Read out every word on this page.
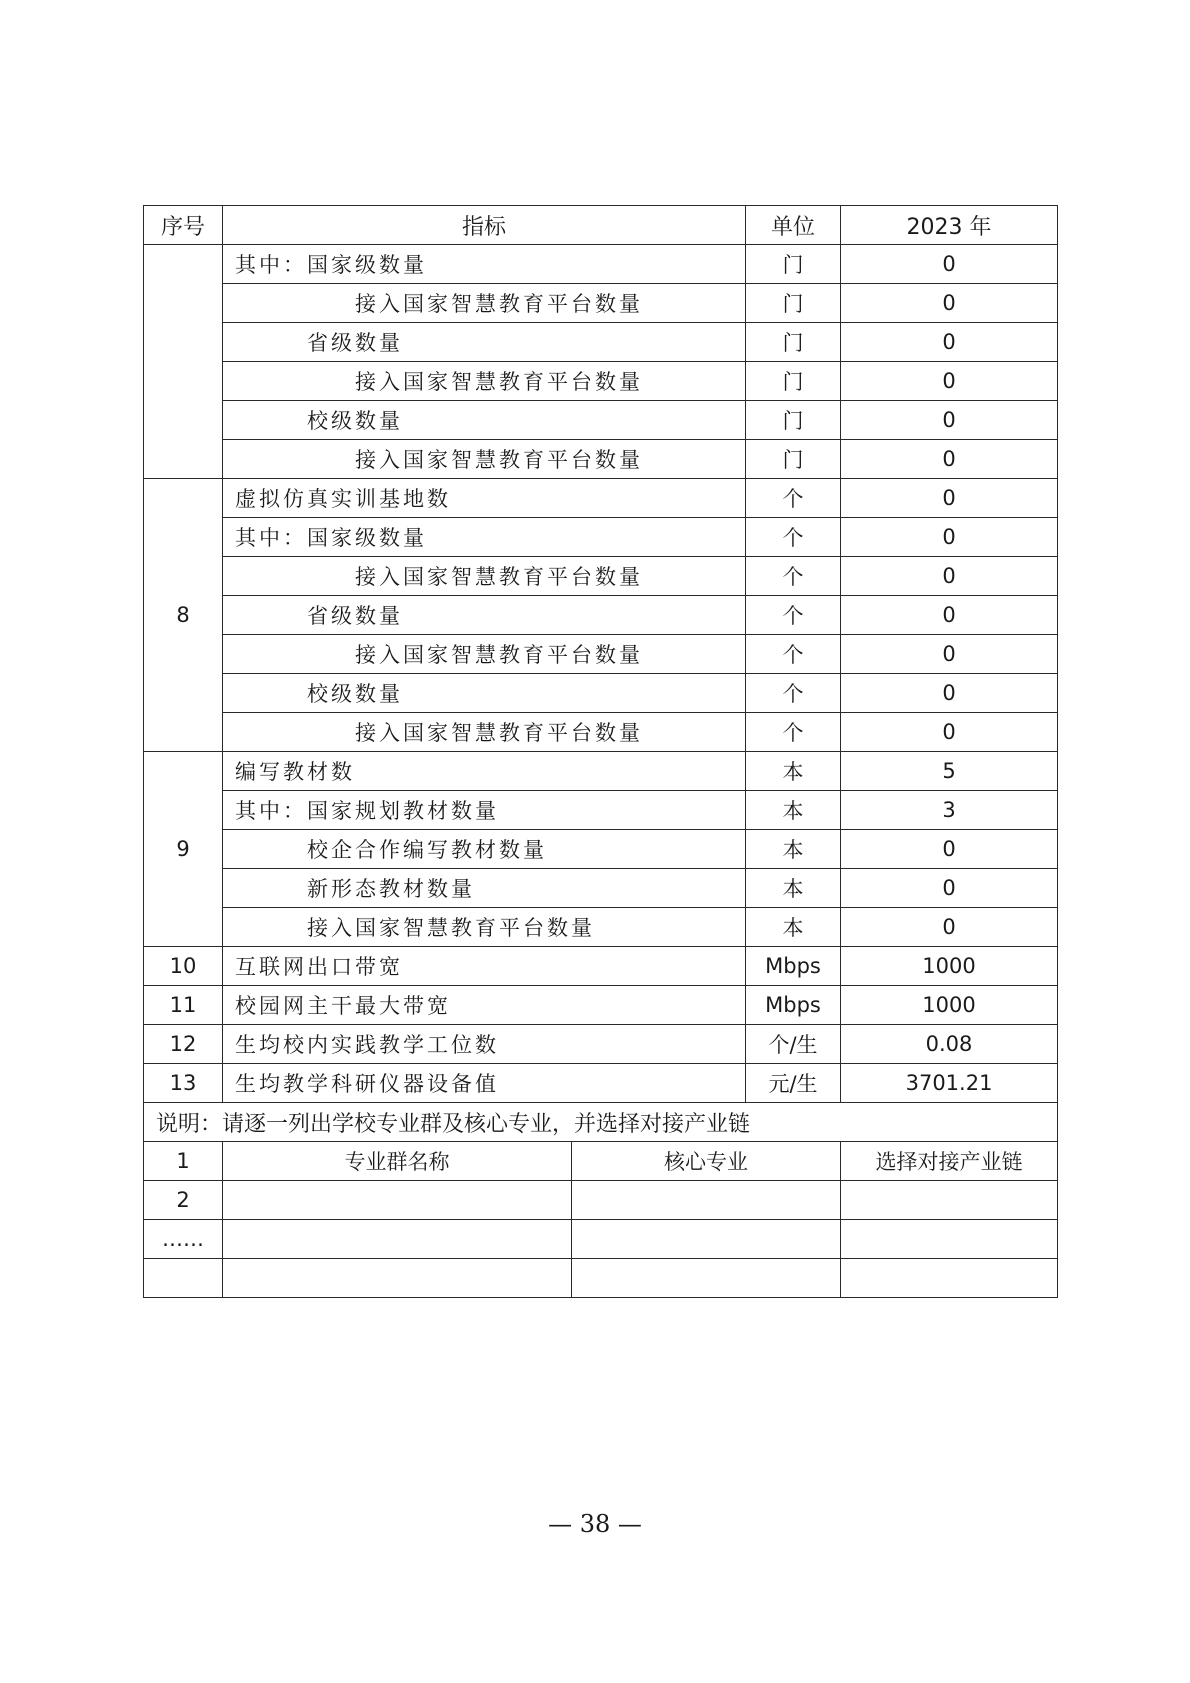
序号	指标		单位	2023 年
	其中：国家级数量		门	0
	接入国家智慧教育平台数量		门	0
	省级数量		门	0
	接入国家智慧教育平台数量		门	0
	校级数量		门	0
	接入国家智慧教育平台数量		门	0
8	虚拟仿真实训基地数		个	0
	其中：国家级数量		个	0
	接入国家智慧教育平台数量		个	0
	省级数量		个	0
	接入国家智慧教育平台数量		个	0
	校级数量		个	0
	接入国家智慧教育平台数量		个	0
9	编写教材数		本	5
	其中：国家规划教材数量		本	3
	校企合作编写教材数量		本	0
	新形态教材数量		本	0
	接入国家智慧教育平台数量		本	0
10	互联网出口带宽		Mbps	1000
11	校园网主干最大带宽		Mbps	1000
12	生均校内实践教学工位数		个/生	0.08
13	生均教学科研仪器设备值		元/生	3701.21
说明：请逐一列出学校专业群及核心专业，并选择对接产业链				
1	专业群名称	核心专业		选择对接产业链
2				
……				

— 38 —
